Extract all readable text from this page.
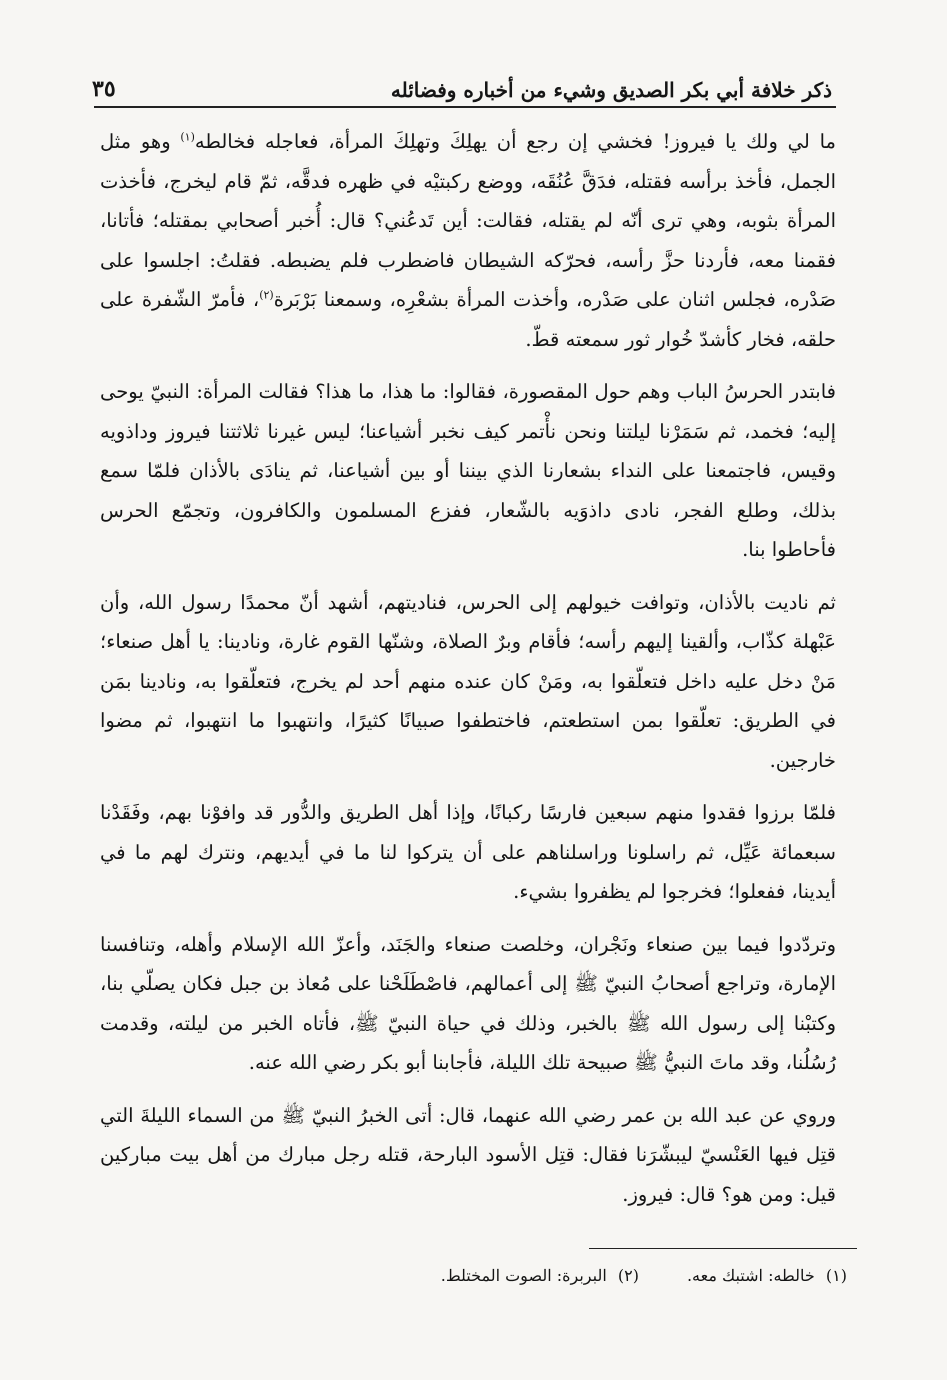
ذكر خلافة أبي بكر الصديق وشيء من أخباره وفضائله
٣٥

ما لي ولك يا فيروز! فخشي إن رجع أن يهلِكَ وتهلِكَ المرأة، فعاجله فخالطه$^{(١)}$ وهو مثل الجمل، فأخذ برأسه فقتله، فدَقَّ عُنُقَه، ووضع ركبتيْه في ظهره فدقَّه، ثمّ قام ليخرج، فأخذت المرأة بثوبه، وهي ترى أنّه لم يقتله، فقالت: أين تَدعُني؟ قال: أُخبر أصحابي بمقتله؛ فأتانا، فقمنا معه، فأردنا حزَّ رأسه، فحرّكه الشيطان فاضطرب فلم يضبطه. فقلتُ: اجلسوا على صَدْره، فجلس اثنان على صَدْره، وأخذت المرأة بشعْرِه، وسمعنا بَرْبَرة$^{(٢)}$، فأمرّ الشّفرة على حلقه، فخار كأشدّ خُوار ثور سمعته قطّ.

فابتدر الحرسُ الباب وهم حول المقصورة، فقالوا: ما هذا، ما هذا؟ فقالت المرأة: النبيّ يوحى إليه؛ فخمد، ثم سَمَرْنا ليلتنا ونحن نأْتمر كيف نخبر أشياعنا؛ ليس غيرنا ثلاثتنا فيروز وداذويه وقيس، فاجتمعنا على النداء بشعارنا الذي بيننا أو بين أشياعنا، ثم ينادَى بالأذان فلمّا سمع بذلك، وطلع الفجر، نادى داذوَيه بالشّعار، ففزع المسلمون والكافرون، وتجمّع الحرس فأحاطوا بنا.

ثم ناديت بالأذان، وتوافت خيولهم إلى الحرس، فناديتهم، أشهد أنّ محمدًا رسول الله، وأن عَبْهلة كذّاب، وألقينا إليهم رأسه؛ فأقام وبرٌ الصلاة، وشنّها القوم غارة، ونادينا: يا أهل صنعاء؛ مَنْ دخل عليه داخل فتعلّقوا به، ومَنْ كان عنده منهم أحد لم يخرج، فتعلّقوا به، ونادينا بمَن في الطريق: تعلّقوا بمن استطعتم، فاختطفوا صبيانًا كثيرًا، وانتهبوا ما انتهبوا، ثم مضوا خارجين.

فلمّا برزوا فقدوا منهم سبعين فارسًا ركبانًا، وإذا أهل الطريق والدُّور قد وافوْنا بهم، وفَقَدْنا سبعمائة عَيِّل، ثم راسلونا وراسلناهم على أن يتركوا لنا ما في أيديهم، ونترك لهم ما في أيدينا، ففعلوا؛ فخرجوا لم يظفروا بشيء.

وتردّدوا فيما بين صنعاء ونَجْران، وخلصت صنعاء والجَنَد، وأعزّ الله الإسلام وأهله، وتنافسنا الإمارة، وتراجع أصحابُ النبيّ ﷺ إلى أعمالهم، فاصْطَلَحْنا على مُعاذ بن جبل فكان يصلّي بنا، وكتبْنا إلى رسول الله ﷺ بالخبر، وذلك في حياة النبيّ ﷺ، فأتاه الخبر من ليلته، وقدمت رُسُلُنا، وقد ماتَ النبيُّ ﷺ صبيحة تلك الليلة، فأجابنا أبو بكر رضي الله عنه.

وروي عن عبد الله بن عمر رضي الله عنهما، قال: أتى الخبرُ النبيّ ﷺ من السماء الليلةَ التي قتِل فيها العَنْسيّ ليبشّرَنا فقال: قتِل الأسود البارحة، قتله رجل مبارك من أهل بيت مباركين قيل: ومن هو؟ قال: فيروز.

(١) خالطه: اشتبك معه.
(٢) البربرة: الصوت المختلط.
